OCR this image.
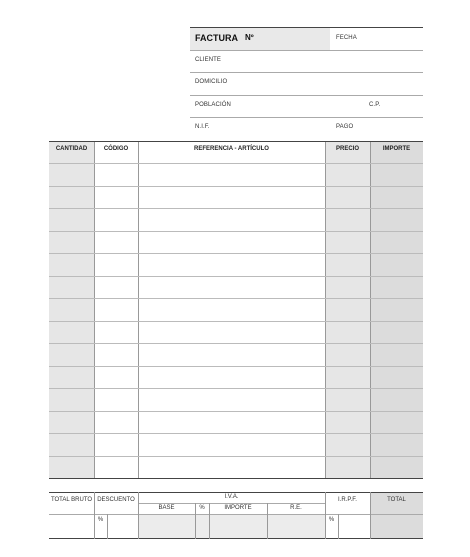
FACTURA Nº	FECHA
CLIENTE
DOMICILIO
POBLACIÓN	C.P.
N.I.F.	PAGO
CANTIDAD	CÓDIGO	REFERENCIA - ARTÍCULO	PRECIO	IMPORTE
TOTAL BRUTO DESCUENTO	I.V.A.	I.R.P.F.	TOTAL
BASE	%	IMPORTE	R.E.
%	%
